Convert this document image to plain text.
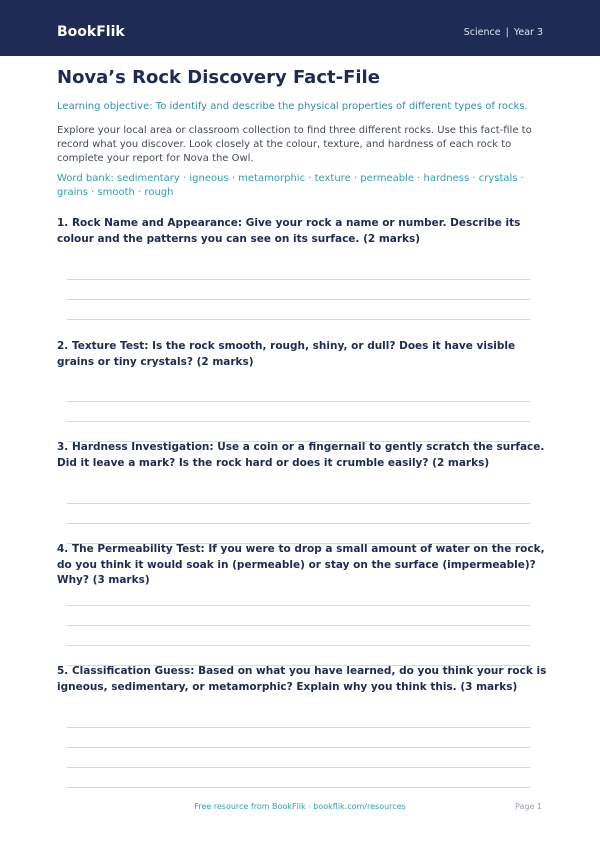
BookFlik	Science | Year 3
Nova’s Rock Discovery Fact-File
Learning objective: To identify and describe the physical properties of different types of rocks.
Explore your local area or classroom collection to find three different rocks. Use this fact-file to record what you discover. Look closely at the colour, texture, and hardness of each rock to complete your report for Nova the Owl.
Word bank: sedimentary · igneous · metamorphic · texture · permeable · hardness · crystals · grains · smooth · rough
1. Rock Name and Appearance: Give your rock a name or number. Describe its colour and the patterns you can see on its surface. (2 marks)
2. Texture Test: Is the rock smooth, rough, shiny, or dull? Does it have visible grains or tiny crystals? (2 marks)
3. Hardness Investigation: Use a coin or a fingernail to gently scratch the surface. Did it leave a mark? Is the rock hard or does it crumble easily? (2 marks)
4. The Permeability Test: If you were to drop a small amount of water on the rock, do you think it would soak in (permeable) or stay on the surface (impermeable)? Why? (3 marks)
5. Classification Guess: Based on what you have learned, do you think your rock is igneous, sedimentary, or metamorphic? Explain why you think this. (3 marks)
Free resource from BookFlik · bookflik.com/resources	Page 1
